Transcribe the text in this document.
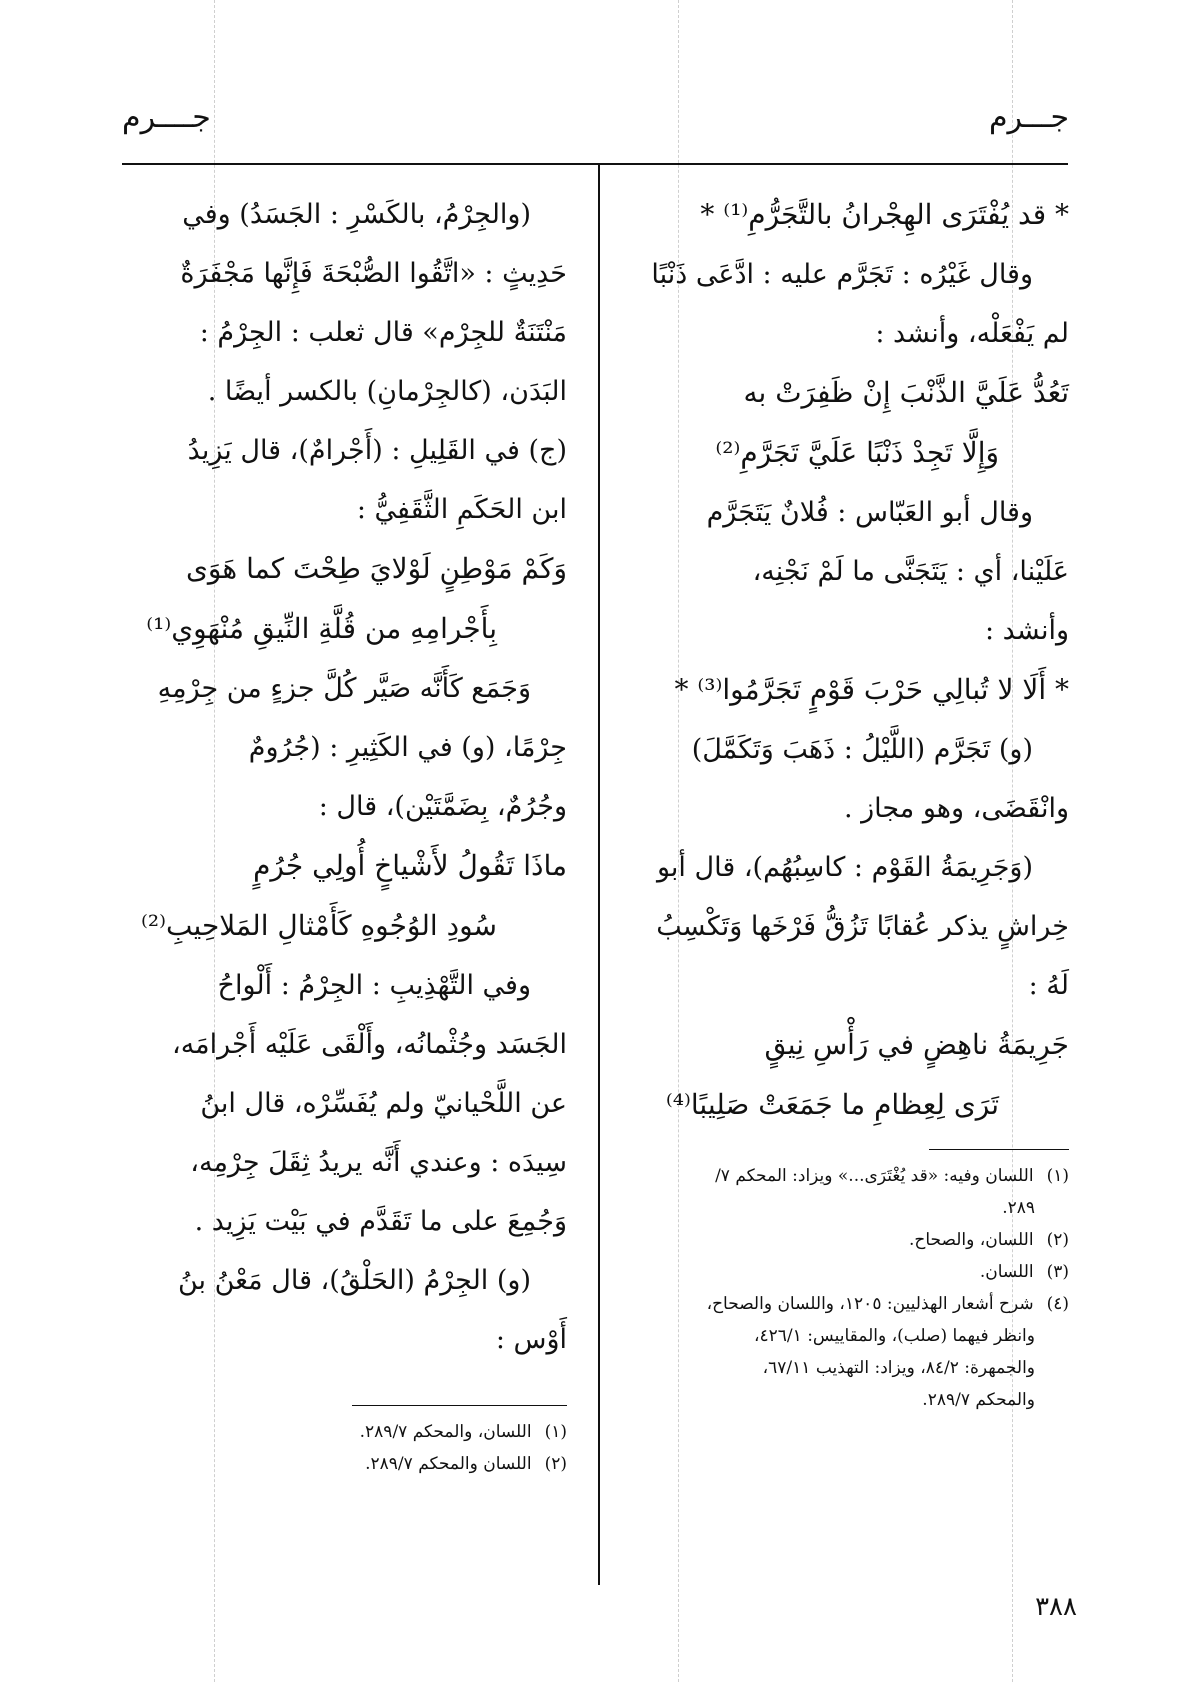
جـــرم
جــــرم

* قد يُفْتَرَى الهِجْرانُ بالتَّجَرُّمِ⁽¹⁾ *

وقال غَيْرُه : تَجَرَّم عليه : ادَّعَى ذَنْبًا

لم يَفْعَلْه، وأنشد :

تَعُدُّ عَلَيَّ الذَّنْبَ إِنْ ظَفِرَتْ به

وَإِلَّا تَجِدْ ذَنْبًا عَلَيَّ تَجَرَّمِ⁽²⁾

وقال أبو العَبّاس : فُلانٌ يَتَجَرَّم

عَلَيْنا، أي : يَتَجَنَّى ما لَمْ نَجْنِه،

وأنشد :

* أَلَا لا تُبالِي حَرْبَ قَوْمٍ تَجَرَّمُوا⁽³⁾ *

(و) تَجَرَّم (اللَّيْلُ : ذَهَبَ وَتَكَمَّلَ)

وانْقَضَى، وهو مجاز .

(وَجَرِيمَةُ القَوْم : كاسِبُهُم)، قال أبو

خِراشٍ يذكر عُقابًا تَزُقُّ فَرْخَها وَتَكْسِبُ

لَهُ :

جَرِيمَةُ ناهِضٍ في رَأْسِ نِيقٍ

تَرَى لِعِظامِ ما جَمَعَتْ صَلِيبًا⁽⁴⁾

(١) اللسان وفيه: «قد يُغْتَرَى...» ويزاد: المحكم ٧/

٢٨٩.

(٢) اللسان، والصحاح.

(٣) اللسان.

(٤) شرح أشعار الهذليين: ١٢٠٥، واللسان والصحاح،

وانظر فيهما (صلب)، والمقاييس: ٤٢٦/١،

والجمهرة: ٨٤/٢، ويزاد: التهذيب ٦٧/١١،

والمحكم ٢٨٩/٧.

(والجِرْمُ، بالكَسْرِ : الجَسَدُ) وفي

حَدِيثٍ : «اتَّقُوا الصُّبْحَةَ فَإِنَّها مَجْفَرَةٌ

مَنْتَنَةٌ للجِرْم» قال ثعلب : الجِرْمُ :

البَدَن، (كالجِرْمانِ) بالكسر أيضًا .

(ج) في القَلِيلِ : (أَجْرامٌ)، قال يَزِيدُ

ابن الحَكَمِ الثَّقَفِيُّ :

وَكَمْ مَوْطِنٍ لَوْلايَ طِحْتَ كما هَوَى

بِأَجْرامِهِ من قُلَّةِ النِّيقِ مُنْهَوِي⁽¹⁾

وَجَمَع كَأَنَّه صَيَّر كُلَّ جزءٍ من جِرْمِهِ

جِرْمًا، (و) في الكَثِيرِ : (جُرُومٌ

وجُرُمٌ، بِضَمَّتَيْن)، قال :

ماذَا تَقُولُ لأَشْياخٍ أُولِي جُرُمٍ

سُودِ الوُجُوهِ كَأَمْثالِ المَلاحِيبِ⁽²⁾

وفي التَّهْذِيبِ : الجِرْمُ : أَلْواحُ

الجَسَد وجُثْمانُه، وأَلْقَى عَلَيْه أَجْرامَه،

عن اللَّحْيانيّ ولم يُفَسِّرْه، قال ابنُ

سِيدَه : وعندي أَنَّه يريدُ ثِقَلَ جِرْمِه،

وَجُمِعَ على ما تَقَدَّم في بَيْت يَزِيد .

(و) الجِرْمُ (الحَلْقُ)، قال مَعْنُ بنُ

أَوْس :

(١) اللسان، والمحكم ٢٨٩/٧.

(٢) اللسان والمحكم ٢٨٩/٧.

٣٨٨
